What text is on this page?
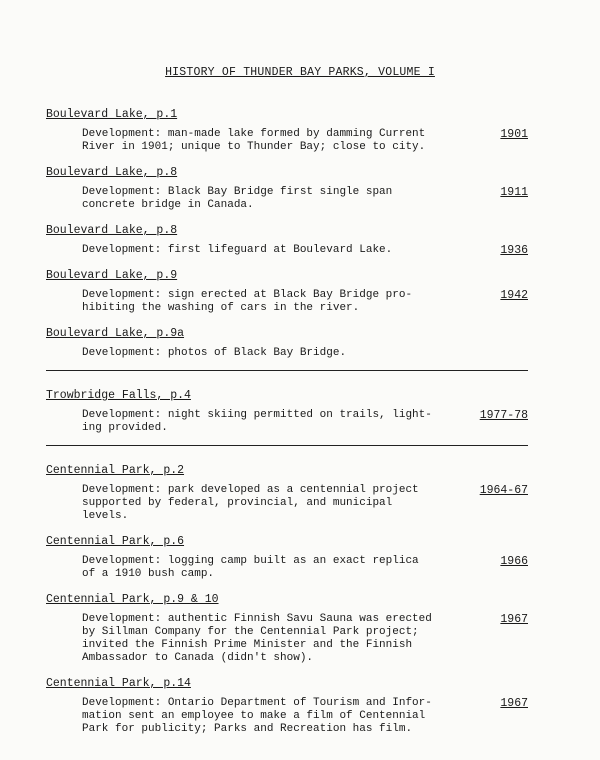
HISTORY OF THUNDER BAY PARKS, VOLUME I
Boulevard Lake, p.1
Development: man-made lake formed by damming Current
River in 1901; unique to Thunder Bay; close to city.
1901
Boulevard Lake, p.8
Development: Black Bay Bridge first single span
concrete bridge in Canada.
1911
Boulevard Lake, p.8
Development: first lifeguard at Boulevard Lake.	1936
Boulevard Lake, p.9
Development: sign erected at Black Bay Bridge pro-
hibiting the washing of cars in the river.
1942
Boulevard Lake, p.9a
Development: photos of Black Bay Bridge.
Trowbridge Falls, p.4
Development: night skiing permitted on trails, light-
ing provided.
1977-78
Centennial Park, p.2
Development: park developed as a centennial project
supported by federal, provincial, and municipal
levels.
1964-67
Centennial Park, p.6
Development: logging camp built as an exact replica
of a 1910 bush camp.
1966
Centennial Park, p.9 & 10
Development: authentic Finnish Savu Sauna was erected
by Sillman Company for the Centennial Park project;
invited the Finnish Prime Minister and the Finnish
Ambassador to Canada (didn't show).
1967
Centennial Park, p.14
Development: Ontario Department of Tourism and Infor-
mation sent an employee to make a film of Centennial
Park for publicity; Parks and Recreation has film.
1967
